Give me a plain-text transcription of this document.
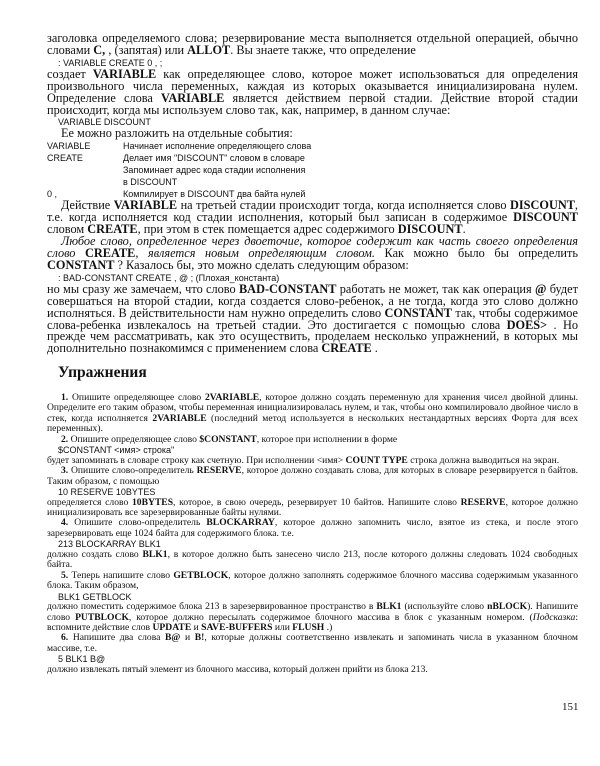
заголовка определяемого слова; резервирование места выполняется отдельной операцией, обычно словами C, , (запятая) или ALLOT. Вы знаете также, что определение

: VARIABLE CREATE 0 , ;

создает VARIABLE как определяющее слово, которое может использоваться для определения произвольного числа переменных, каждая из которых оказывается инициализирована нулем. Определение слова VARIABLE является действием первой стадии. Действие второй стадии происходит, когда мы используем слово так, как, например, в данном случае:

VARIABLE DISCOUNT

Ее можно разложить на отдельные события:

VARIABLE	Начинает исполнение определяющего слова
CREATE	Делает имя "DISCOUNT" словом в словаре
Запоминает адрес кода стадии исполнения
в DISCOUNT
0 ,	Компилирует в DISCOUNT два байта нулей

Действие VARIABLE на третьей стадии происходит тогда, когда исполняется слово DISCOUNT, т.е. когда исполняется код стадии исполнения, который был записан в содержимое DISCOUNT словом CREATE, при этом в стек помещается адрес содержимого DISCOUNT.

Любое слово, определенное через двоеточие, которое содержит как часть своего определения слово CREATE, является новым определяющим словом. Как можно было бы определить CONSTANT ? Казалось бы, это можно сделать следующим образом:

: BAD-CONSTANT CREATE , @ ; (Плохая_константа)

но мы сразу же замечаем, что слово BAD-CONSTANT работать не может, так как операция @ будет совершаться на второй стадии, когда создается слово-ребенок, а не тогда, когда это слово должно исполняться. В действительности нам нужно определить слово CONSTANT так, чтобы содержимое слова-ребенка извлекалось на третьей стадии. Это достигается с помощью слова DOES> . Но прежде чем рассматривать, как это осуществить, проделаем несколько упражнений, в которых мы дополнительно познакомимся с применением слова CREATE .

Упражнения

1. Опишите определяющее слово 2VARIABLE, которое должно создать переменную для хранения чисел двойной длины. Определите его таким образом, чтобы переменная инициализировалась нулем, и так, чтобы оно компилировало двойное число в стек, когда исполняется 2VARIABLE (последний метод используется в нескольких нестандартных версиях Форта для всех переменных).

2. Опишите определяющее слово $CONSTANT, которое при исполнении в форме

$CONSTANT <имя> строка"

будет запоминать в словаре строку как счетную. При исполнении <имя> COUNT TYPE строка должна выводиться на экран.

3. Опишите слово-определитель RESERVE, которое должно создавать слова, для которых в словаре резервируется n байтов. Таким образом, с помощью

10 RESERVE 10BYTES

определяется слово 10BYTES, которое, в свою очередь, резервирует 10 байтов. Напишите слово RESERVE, которое должно инициализировать все зарезервированные байты нулями.

4. Опишите слово-определитель BLOCKARRAY, которое должно запомнить число, взятое из стека, и после этого зарезервировать еще 1024 байта для содержимого блока. т.е.

213 BLOCKARRAY BLK1

должно создать слово BLK1, в которое должно быть занесено число 213, после которого должны следовать 1024 свободных байта.

5. Теперь напишите слово GETBLOCK, которое должно заполнять содержимое блочного массива содержимым указанного блока. Таким образом,

BLK1 GETBLOCK

должно поместить содержимое блока 213 в зарезервированное пространство в BLK1 (используйте слово nBLOCK). Напишите слово PUTBLOCK, которое должно пересылать содержимое блочного массива в блок с указанным номером. (Подсказка: вспомните действие слов UPDATE и SAVE-BUFFERS или FLUSH .)

6. Напишите два слова B@ и B!, которые должны соответственно извлекать и запоминать числа в указанном блочном массиве, т.е.

5 BLK1 B@

должно извлекать пятый элемент из блочного массива, который должен прийти из блока 213.

151
